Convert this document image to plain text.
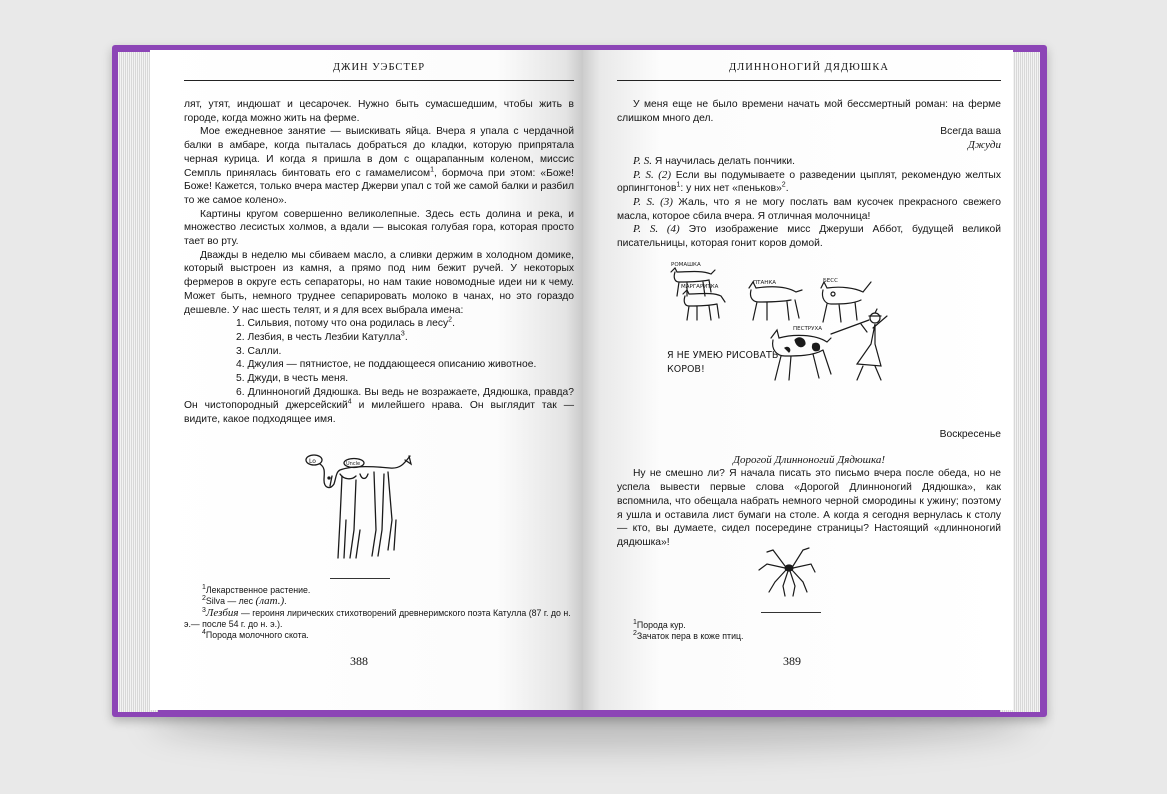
ДЖИН УЭБСТЕР

лят, утят, индюшат и цесарочек. Нужно быть сумасшедшим, чтобы жить в городе, когда можно жить на ферме.

Мое ежедневное занятие — выискивать яйца. Вчера я упала с чердачной балки в амбаре, когда пыталась добраться до кладки, которую припрятала черная курица. И когда я пришла в дом с ощарапанным коленом, миссис Семпль принялась бинтовать его с гамамелисом$^1$, бормоча при этом: «Боже! Боже! Кажется, только вчера мастер Джерви упал с той же самой балки и разбил то же самое колено».

Картины кругом совершенно великолепные. Здесь есть долина и река, и множество лесистых холмов, а вдали — высокая голубая гора, которая просто тает во рту.

Дважды в неделю мы сбиваем масло, а сливки держим в холодном домике, который выстроен из камня, а прямо под ним бежит ручей. У некоторых фермеров в округе есть сепараторы, но нам такие новомодные идеи ни к чему. Может быть, немного труднее сепарировать молоко в чанах, но это гораздо дешевле. У нас шесть телят, и я для всех выбрала имена:

1. Сильвия, потому что она родилась в лесу$^2$.
2. Лезбия, в честь Лезбии Катулла$^3$.
3. Салли.
4. Джулия — пятнистое, не поддающееся описанию животное.
5. Джуди, в честь меня.

6. Длинноногий Дядюшка. Вы ведь не возражаете, Дядюшка, правда? Он чистопородный джерсейский$^4$ и милейшего нрава. Он выглядит так — видите, какое подходящее имя.

Lo	Uncle
$^1$Лекарственное растение.
$^2$Silva — лес (лат.).
$^3$Лезбия — героиня лирических стихотворений древнеримского поэта Катулла (87 г. до н. э.— после 54 г. до н. э.).
$^4$Порода молочного скота.
388
ДЛИННОНОГИЙ ДЯДЮШКА

У меня еще не было времени начать мой бессмертный роман: на ферме слишком много дел.

Всегда ваша

Джуди

P. S. Я научилась делать пончики.

P. S. (2) Если вы подумываете о разведении цыплят, рекомендую желтых орпингтонов$^1$: у них нет «пеньков»$^2$.

P. S. (3) Жаль, что я не могу послать вам кусочек прекрасного свежего масла, которое сбила вчера. Я отличная молочница!

P. S. (4) Это изображение мисс Джеруши Аббот, будущей великой писательницы, которая гонит коров домой.

РОМАШКА
МАРГАРИТКА
ПТАНКА	БЕСС
ПЕСТРУХА
Я НЕ УМЕЮ РИСОВАТЬ
КОРОВ!

Воскресенье

Дорогой Длинноногий Дядюшка!

Ну не смешно ли? Я начала писать это письмо вчера после обеда, но не успела вывести первые слова «Дорогой Длинноногий Дядюшка», как вспомнила, что обещала набрать немного черной смородины к ужину; поэтому я ушла и оставила лист бумаги на столе. А когда я сегодня вернулась к столу — кто, вы думаете, сидел посередине страницы? Настоящий «длинноногий дядюшка»!

$^1$Порода кур.
$^2$Зачаток пера в коже птиц.
389
